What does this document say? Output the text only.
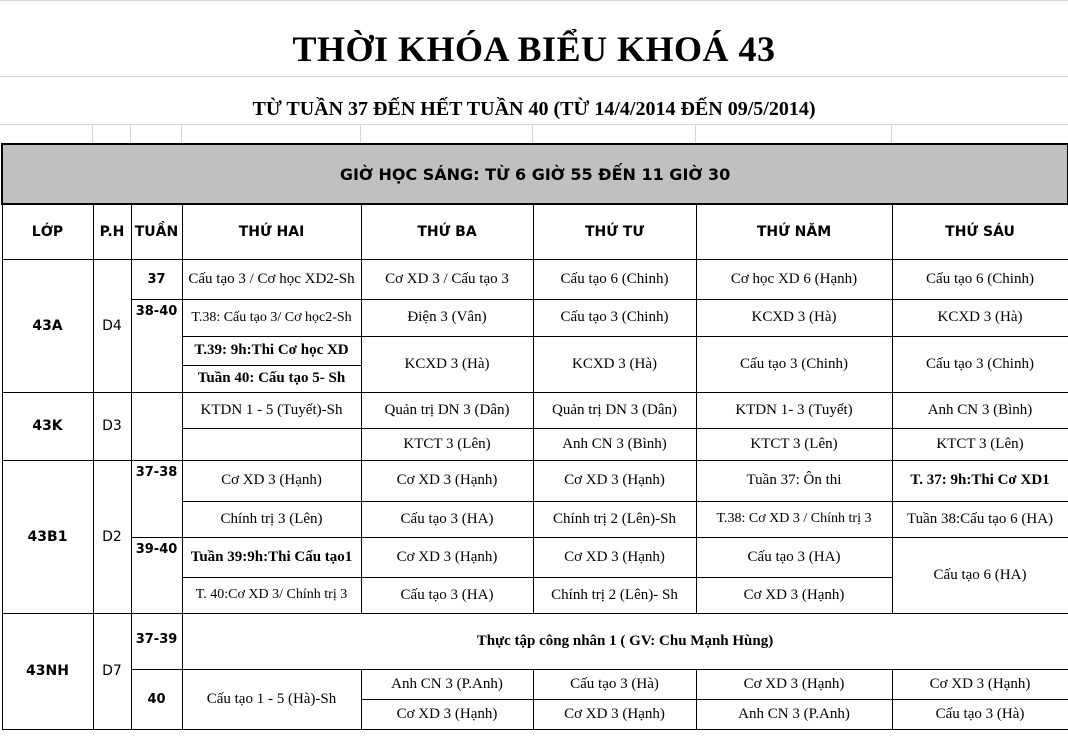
THỜI KHÓA BIỂU KHOÁ 43
TỪ TUẦN 37 ĐẾN HẾT TUẦN 40 (TỪ 14/4/2014 ĐẾN 09/5/2014)
GIỜ HỌC SÁNG: TỪ 6 GIỜ 55 ĐẾN 11 GIỜ 30							
LỚP	P.H	TUẦN	THỨ HAI	THỨ BA	THỨ TƯ	THỨ NĂM	THỨ SÁU
43A	D4	37	Cấu tạo 3 / Cơ học XD2-Sh	Cơ XD 3 / Cấu tạo 3	Cấu tạo 6 (Chinh)	Cơ học XD 6 (Hạnh)	Cấu tạo 6 (Chinh)
		38-40	T.38: Cấu tạo 3/ Cơ học2-Sh	Điện 3 (Vân)	Cấu tạo 3 (Chinh)	KCXD 3 (Hà)	KCXD 3 (Hà)
			T.39: 9h:Thi Cơ học XD	KCXD 3 (Hà)	KCXD 3 (Hà)	Cấu tạo 3 (Chinh)	Cấu tạo 3 (Chinh)
			Tuần 40: Cấu tạo 5- Sh				
43K	D3		KTDN 1 - 5 (Tuyết)-Sh	Quản trị DN 3 (Dân)	Quản trị DN 3 (Dân)	KTDN 1- 3 (Tuyết)	Anh CN 3 (Bình)
				KTCT 3 (Lên)	Anh CN 3 (Bình)	KTCT 3 (Lên)	KTCT 3 (Lên)
43B1	D2	37-38	Cơ XD 3 (Hạnh)	Cơ XD 3 (Hạnh)	Cơ XD 3 (Hạnh)	Tuần 37: Ôn thi	T. 37: 9h:Thi Cơ XD1
			Chính trị 3 (Lên)	Cấu tạo 3 (HA)	Chính trị 2 (Lên)-Sh	T.38: Cơ XD 3 / Chính trị 3	Tuần 38:Cấu tạo 6 (HA)
		39-40	Tuần 39:9h:Thi Cấu tạo1	Cơ XD 3 (Hạnh)	Cơ XD 3 (Hạnh)	Cấu tạo 3 (HA)	Cấu tạo 6 (HA)
			T. 40:Cơ XD 3/ Chính trị 3	Cấu tạo 3 (HA)	Chính trị 2 (Lên)- Sh	Cơ XD 3 (Hạnh)	
43NH	D7	37-39	Thực tập công nhân 1 ( GV: Chu Mạnh Hùng)				
		40	Cấu tạo 1 - 5 (Hà)-Sh	Anh CN 3 (P.Anh)	Cấu tạo 3 (Hà)	Cơ XD 3 (Hạnh)	Cơ XD 3 (Hạnh)
				Cơ XD 3 (Hạnh)	Cơ XD 3 (Hạnh)	Anh CN 3 (P.Anh)	Cấu tạo 3 (Hà)
